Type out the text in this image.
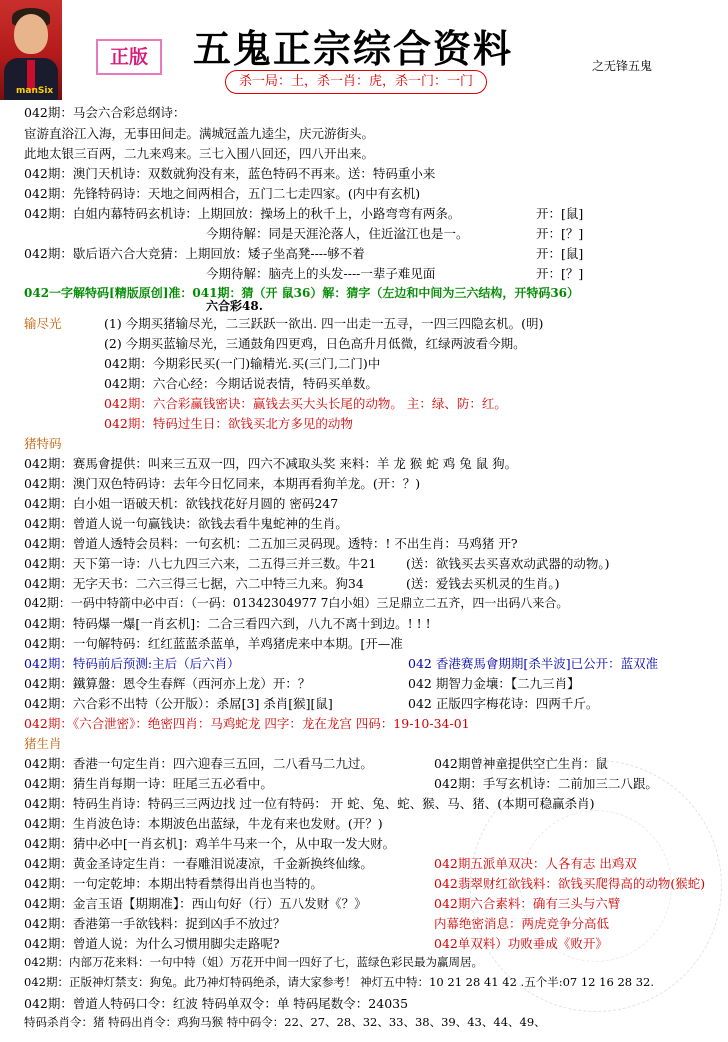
manSix
正版	五鬼正宗综合资料
杀一局：土，杀一肖：虎，杀一门：一门
之无锋五鬼
042期：马会六合彩总纲诗：
宦游直浴江入海，无事田间走。满城冠盖九逵尘，庆元游街头。
此地太银三百两，二九来鸡来。三七入围八回还，四八开出来。
042期：澳门天机诗：双数就狗没有来，蓝色特码不再来。送：特码重小来
042期：先锋特码诗：天地之间两相合，五门二七走四家。(内中有玄机)
042期：白姐内幕特码玄机诗：上期回放：操场上的秋千上，小路弯弯有两条。	开：[鼠]
今期待解：同是天涯沦落人，住近湓江也是一。	开：[？]
042期：歇后语六合大竞猜：上期回放：矮子坐高凳----够不着	开：[鼠]
今期待解：脑壳上的头发----一辈子难见面	开：[？]
042一字解特码[精版原创]准：041期：猜（开 鼠36）解：猜字（左边和中间为三六结构，开特码36）
六合彩48.
输尽光	(1) 今期买猪输尽光，二三跃跃一欲出. 四一出走一五寻，一四三四隐玄机。(明)
(2) 今期买蓝输尽光，三通鼓角四更鸡，日色高升月低微，红绿两波看今期。
042期：今期彩民买(一门)输精光.买(三门,二门)中
042期：六合心经：今期话说表情，特码买单数。
042期：六合彩赢钱密诀：赢钱去买大头长尾的动物。 主：绿、防：红。
042期：特码过生日：欲钱买北方多见的动物
猪特码
042期：赛馬會提供：叫来三五双一四，四六不减取头奖 来料：羊 龙 猴 蛇 鸡 兔 鼠 狗。
042期：澳门双色特码诗：去年今日忆同来，本期再看狗羊龙。(开：？)
042期：白小姐一语破天机：欲钱找花好月圆的 密码247
042期：曾道人说一句赢钱诀：欲钱去看牛鬼蛇神的生肖。
042期：曾道人透特会员料：一句玄机：二五加三灵码现。透特：! 不出生肖：马鸡猪 开?
042期：天下第一诗：八七九四三六来，二五得三并三数。牛21 (送：欲钱买去买喜欢动武器的动物。)
042期：无字天书：二六三得三七据，六二中特三九来。狗34	(送：爱钱去买机灵的生肖。)
042期：一码中特箭中必中百：（一码：01342304977 7白小姐）三足鼎立二五齐，四一出码八来合。
042期：特码爆一爆[一肖玄机]：二合三看四六到，八九不离十到边。! ! !
042期：一句解特码：红红蓝蓝杀蓝单，羊鸡猪虎来中本期。[开—准
042期：特码前后预测:主后（后六肖）	042 香港赛馬會期期[杀半波]已公开：蓝双准
042期：鐵算盤：恩令生春辉（西河亦上龙）开：？	042 期智力金壤：【二九三肖】
042期：六合彩不出特（公开版）：杀屌[3] 杀肖[猴][鼠]	042 正版四字梅花诗：四两千斤。
042期：《六合泄密》：绝密四肖：马鸡蛇龙 四字：龙在龙宫 四码：19-10-34-01
猪生肖
042期：香港一句定生肖：四六迎春三五回，二八看马二九过。	042期曾神童提供空亡生肖：鼠
042期：猜生肖每期一诗：旺尾三五必看中。	042期：手写玄机诗：二前加三二八跟。
042期：特码生肖诗：特码三三两边找 过一位有特码： 开 蛇、兔、蛇、猴、马、猪、(本期可稳赢杀肖)
042期：生肖波色诗：本期波色出蓝绿，牛龙有来也发财。(开？)
042期：猜中必中[一肖玄机]：鸡羊牛马来一个，从中取一发大财。
042期：黄金圣诗定生肖：一春雕泪说凄凉，千金新换终仙缘。	042期五派单双决：人各有志 出鸡双
042期：一句定乾坤：本期出特看禁得出肖也当特的。	042翡翠财红欲钱料：欲钱买爬得高的动物(猴蛇)
042期：金言玉语【期期准】：西山句好（行）五八发财《？》	042期六合素料：确有三头与六臂
042期：香港第一手欲钱料：捉到凶手不放过？	内幕绝密消息：两虎竞争分高低
042期：曾道人说：为什么习惯用脚尖走路呢?	042单双料）功败垂成《败开》
042期：内部万花来料：一句中特（姐）万花开中间一四好了七，蓝绿色彩民最为赢周居。
042期：正版神灯禁支：狗兔。此乃神灯特码绝杀，请大家参考！ 神灯五中特：10 21 28 41 42 .五个半:07 12 16 28 32.
042期：曾道人特码口令：红波 特码单双令：单 特码尾数令：24035
特码杀肖令：猪 特码出肖令：鸡狗马猴 特中码令：22、27、28、32、33、38、39、43、44、49、
